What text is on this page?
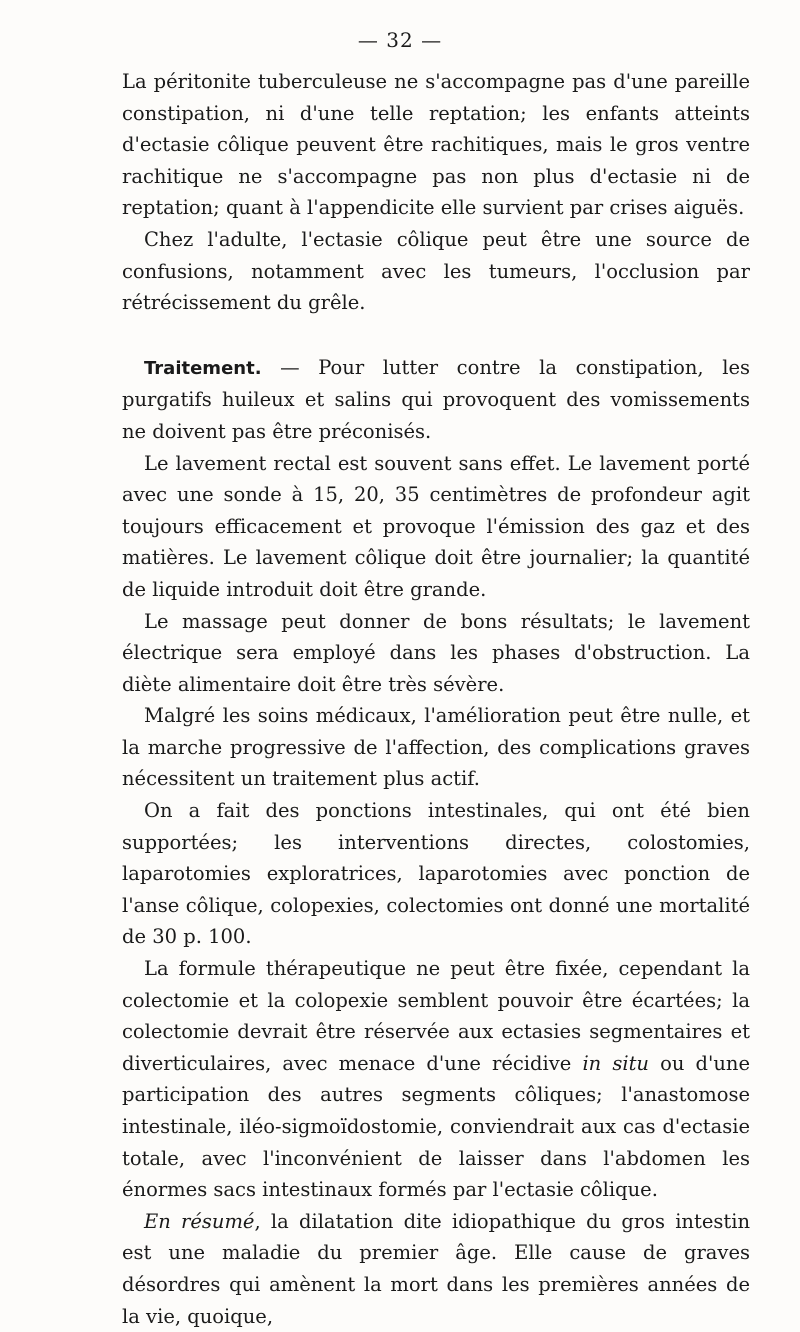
— 32 —

La péritonite tuberculeuse ne s'accompagne pas d'une pareille constipation, ni d'une telle reptation; les enfants atteints d'ectasie côlique peuvent être rachitiques, mais le gros ventre rachitique ne s'accompagne pas non plus d'ectasie ni de reptation; quant à l'appendicite elle survient par crises aiguës.

Chez l'adulte, l'ectasie côlique peut être une source de confusions, notamment avec les tumeurs, l'occlusion par rétrécissement du grêle.

Traitement. — Pour lutter contre la constipation, les purgatifs huileux et salins qui provoquent des vomissements ne doivent pas être préconisés.

Le lavement rectal est souvent sans effet. Le lavement porté avec une sonde à 15, 20, 35 centimètres de profondeur agit toujours efficacement et provoque l'émission des gaz et des matières. Le lavement côlique doit être journalier; la quantité de liquide introduit doit être grande.

Le massage peut donner de bons résultats; le lavement électrique sera employé dans les phases d'obstruction. La diète alimentaire doit être très sévère.

Malgré les soins médicaux, l'amélioration peut être nulle, et la marche progressive de l'affection, des complications graves nécessitent un traitement plus actif.

On a fait des ponctions intestinales, qui ont été bien supportées; les interventions directes, colostomies, laparotomies exploratrices, laparotomies avec ponction de l'anse côlique, colopexies, colectomies ont donné une mortalité de 30 p. 100.

La formule thérapeutique ne peut être fixée, cependant la colectomie et la colopexie semblent pouvoir être écartées; la colectomie devrait être réservée aux ectasies segmentaires et diverticulaires, avec menace d'une récidive in situ ou d'une participation des autres segments côliques; l'anastomose intestinale, iléo-sigmoïdostomie, conviendrait aux cas d'ectasie totale, avec l'inconvénient de laisser dans l'abdomen les énormes sacs intestinaux formés par l'ectasie côlique.

En résumé, la dilatation dite idiopathique du gros intestin est une maladie du premier âge. Elle cause de graves désordres qui amènent la mort dans les premières années de la vie, quoique,
